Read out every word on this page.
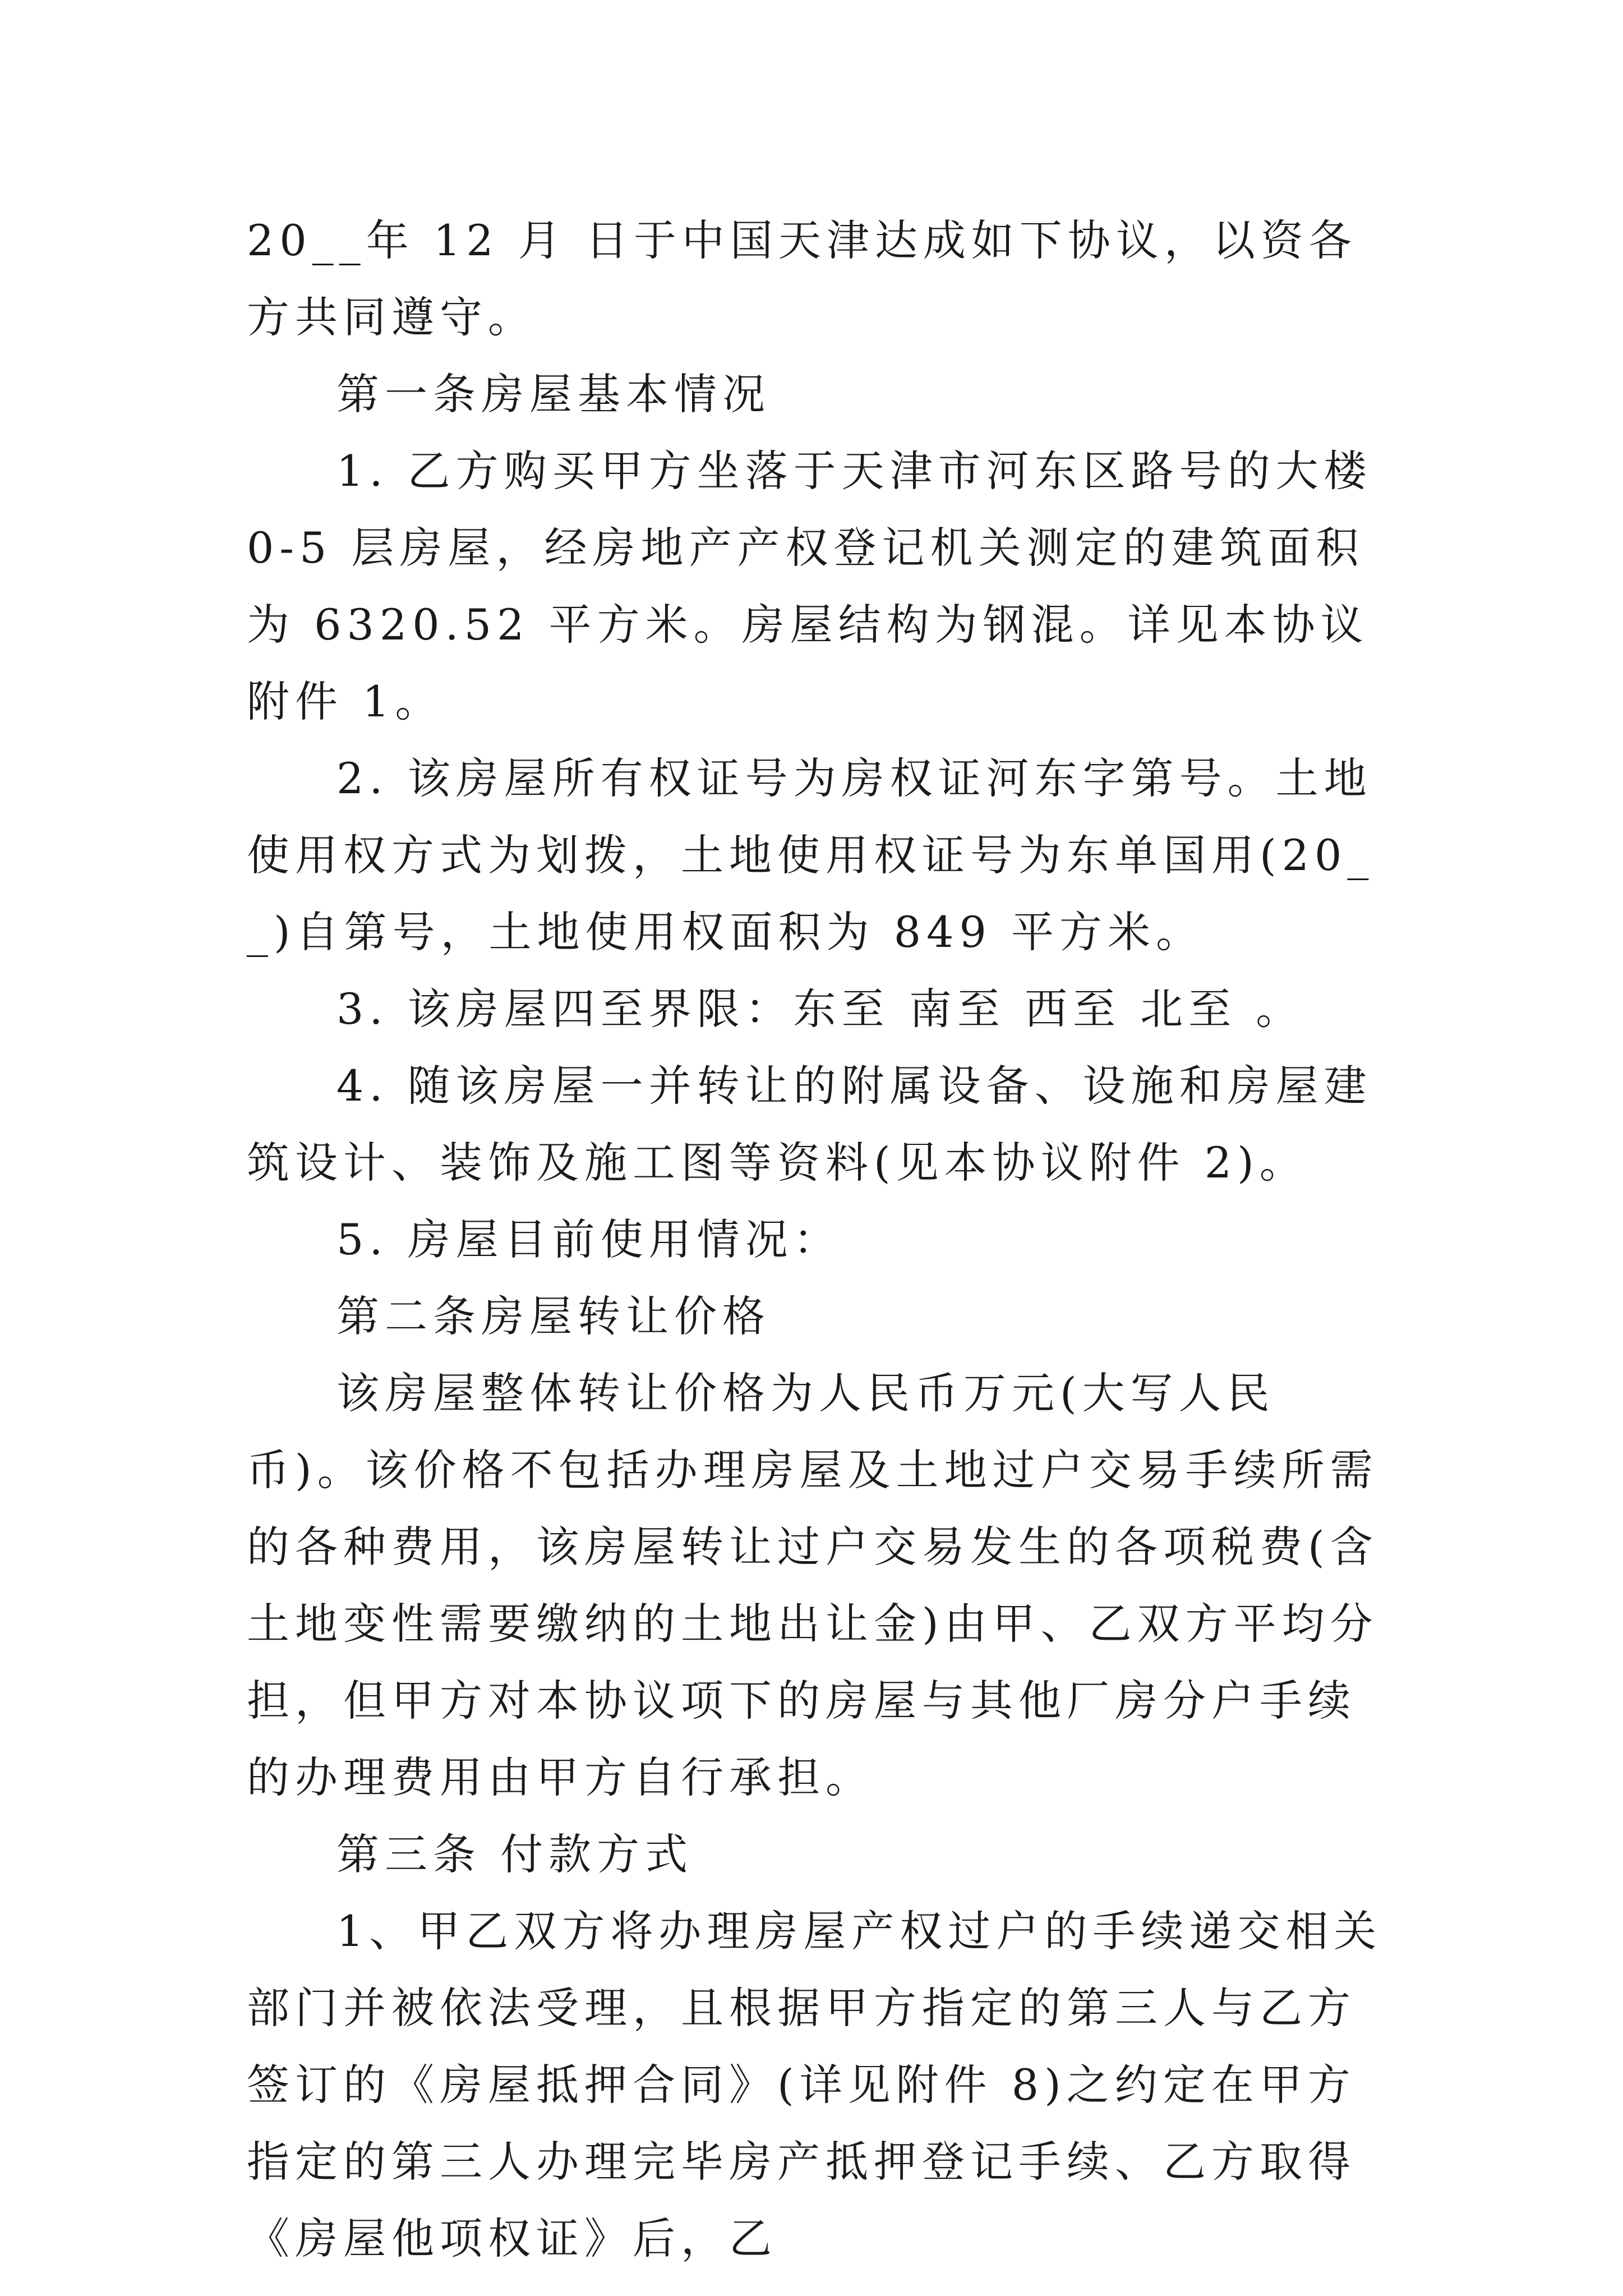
20__年 12 月 日于中国天津达成如下协议，以资各方共同遵守。

第一条房屋基本情况

1. 乙方购买甲方坐落于天津市河东区路号的大楼 0-5 层房屋，经房地产产权登记机关测定的建筑面积为 6320.52 平方米。房屋结构为钢混。详见本协议附件 1。

2. 该房屋所有权证号为房权证河东字第号。土地使用权方式为划拨，土地使用权证号为东单国用(20__)自第号，土地使用权面积为 849 平方米。

3. 该房屋四至界限：东至 南至 西至 北至 。

4. 随该房屋一并转让的附属设备、设施和房屋建筑设计、装饰及施工图等资料(见本协议附件 2)。

5. 房屋目前使用情况：

第二条房屋转让价格

该房屋整体转让价格为人民币万元(大写人民币)。该价格不包括办理房屋及土地过户交易手续所需的各种费用，该房屋转让过户交易发生的各项税费(含土地变性需要缴纳的土地出让金)由甲、乙双方平均分担，但甲方对本协议项下的房屋与其他厂房分户手续的办理费用由甲方自行承担。

第三条 付款方式

1、甲乙双方将办理房屋产权过户的手续递交相关部门并被依法受理，且根据甲方指定的第三人与乙方签订的《房屋抵押合同》(详见附件 8)之约定在甲方指定的第三人办理完毕房产抵押登记手续、乙方取得《房屋他项权证》后，乙
